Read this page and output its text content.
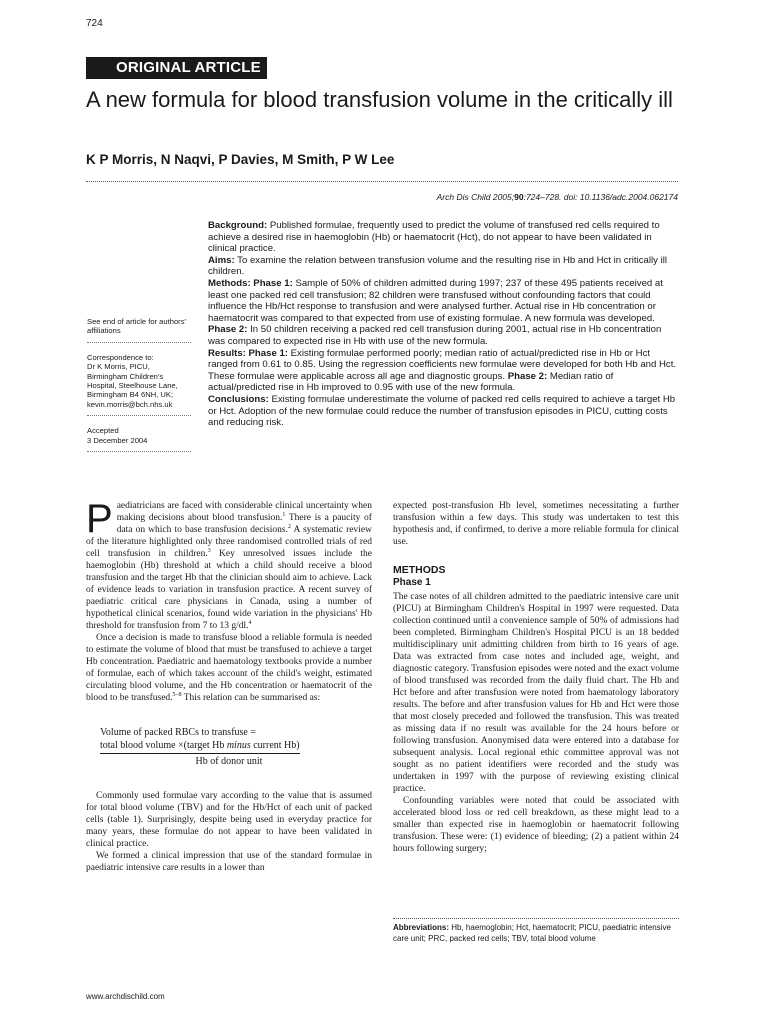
724
ORIGINAL ARTICLE
A new formula for blood transfusion volume in the critically ill
K P Morris, N Naqvi, P Davies, M Smith, P W Lee
Arch Dis Child 2005;90:724–728. doi: 10.1136/adc.2004.062174

Background: Published formulae, frequently used to predict the volume of transfused red cells required to achieve a desired rise in haemoglobin (Hb) or haematocrit (Hct), do not appear to have been validated in clinical practice.

Aims: To examine the relation between transfusion volume and the resulting rise in Hb and Hct in critically ill children.

Methods: Phase 1: Sample of 50% of children admitted during 1997; 237 of these 495 patients received at least one packed red cell transfusion; 82 children were transfused without confounding factors that could influence the Hb/Hct response to transfusion and were analysed further. Actual rise in Hb concentration or haematocrit was compared to that expected from use of existing formulae. A new formula was developed. Phase 2: In 50 children receiving a packed red cell transfusion during 2001, actual rise in Hb concentration was compared to expected rise in Hb with use of the new formula.

Results: Phase 1: Existing formulae performed poorly; median ratio of actual/predicted rise in Hb or Hct ranged from 0.61 to 0.85. Using the regression coefficients new formulae were developed for both Hb and Hct. These formulae were applicable across all age and diagnostic groups. Phase 2: Median ratio of actual/predicted rise in Hb improved to 0.95 with use of the new formula.

Conclusions: Existing formulae underestimate the volume of packed red cells required to achieve a target Hb or Hct. Adoption of the new formulae could reduce the number of transfusion episodes in PICU, cutting costs and reducing risk.

See end of article for authors' affiliations
Correspondence to:
Dr K Morris, PICU,
Birmingham Children's
Hospital, Steelhouse Lane,
Birmingham B4 6NH, UK;
kevin.morris@bch.nhs.uk
Accepted
3 December 2004

Paediatricians are faced with considerable clinical uncertainty when making decisions about blood transfusion.$^1$ There is a paucity of data on which to base transfusion decisions.$^2$ A systematic review of the literature highlighted only three randomised controlled trials of red cell transfusion in children.$^3$ Key unresolved issues include the haemoglobin (Hb) threshold at which a child should receive a blood transfusion and the target Hb that the clinician should aim to achieve. Lack of evidence leads to variation in transfusion practice. A recent survey of paediatric critical care physicians in Canada, using a number of hypothetical clinical scenarios, found wide variation in the physicians' Hb threshold for transfusion from 7 to 13 g/dl.$^4$

Once a decision is made to transfuse blood a reliable formula is needed to estimate the volume of blood that must be transfused to achieve a target Hb concentration. Paediatric and haematology textbooks provide a number of formulae, each of which takes account of the child's weight, estimated circulating blood volume, and the Hb concentration or haematocrit of the blood to be transfused.$^{5-8}$ This relation can be summarised as:

Volume of packed RBCs to transfuse =
total blood volume ×(target Hb minus current Hb)
Hb of donor unit

Commonly used formulae vary according to the value that is assumed for total blood volume (TBV) and for the Hb/Hct of each unit of packed cells (table 1). Surprisingly, despite being used in everyday practice for many years, these formulae do not appear to have been validated in clinical practice.

We formed a clinical impression that use of the standard formulae in paediatric intensive care results in a lower than

expected post-transfusion Hb level, sometimes necessitating a further transfusion within a few days. This study was undertaken to test this hypothesis and, if confirmed, to derive a more reliable formula for clinical use.

METHODS
Phase 1

The case notes of all children admitted to the paediatric intensive care unit (PICU) at Birmingham Children's Hospital in 1997 were requested. Data collection continued until a convenience sample of 50% of admissions had been completed. Birmingham Children's Hospital PICU is an 18 bedded multidisciplinary unit admitting children from birth to 16 years of age. Data was extracted from case notes and included age, weight, and diagnostic category. Transfusion episodes were noted and the exact volume of blood transfused was recorded from the daily fluid chart. The Hb and Hct before and after transfusion were noted from haematology laboratory results. The before and after transfusion values for Hb and Hct were those that most closely preceded and followed the transfusion. This was treated as missing data if no result was available for the 24 hours before or following transfusion. Anonymised data were entered into a database for subsequent analysis. Local regional ethic committee approval was not sought as no patient identifiers were recorded and the study was undertaken in 1997 with the purpose of reviewing existing clinical practice.

Confounding variables were noted that could be associated with accelerated blood loss or red cell breakdown, as these might lead to a smaller than expected rise in haemoglobin or haematocrit following transfusion. These were: (1) evidence of bleeding; (2) a patient within 24 hours following surgery;

Abbreviations: Hb, haemoglobin; Hct, haematocrit; PICU, paediatric intensive care unit; PRC, packed red cells; TBV, total blood volume
www.archdischild.com
